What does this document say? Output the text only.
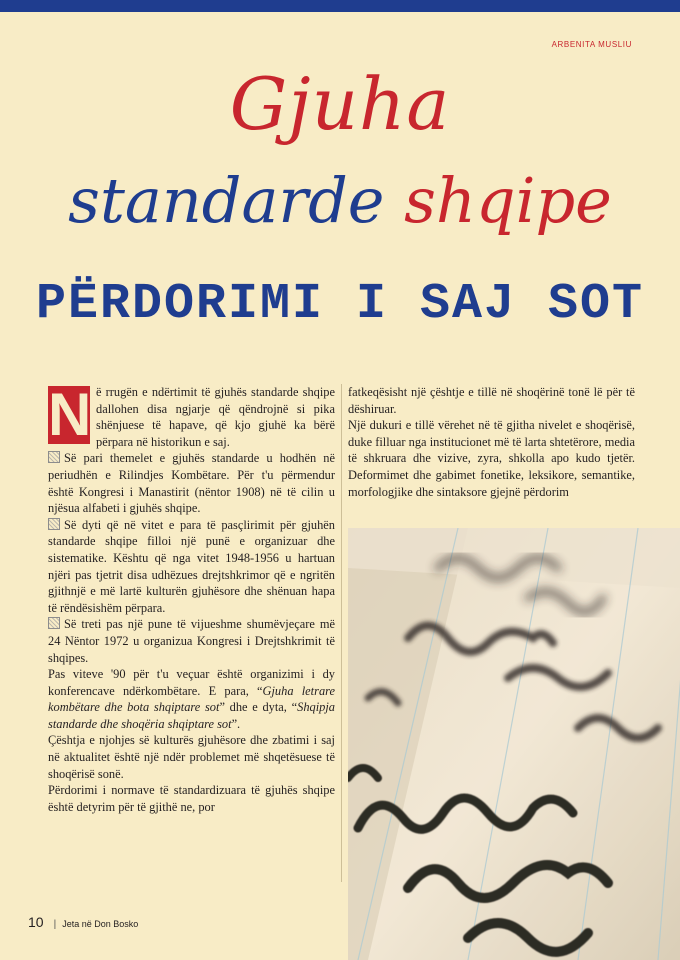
ARBENITA MUSLIU
Gjuha
standarde shqipe
PËRDORIMI I SAJ SOT

N ë rrugën e ndërtimit të gjuhës standarde shqipe dallohen disa ngjarje që qëndrojnë si pika shënjuese të hapave, që kjo gjuhë ka bërë përpara në historikun e saj.

Së pari themelet e gjuhës standarde u hodhën në periudhën e Rilindjes Kombëtare. Për t'u përmendur është Kongresi i Manastirit (nëntor 1908) në të cilin u njësua alfabeti i gjuhës shqipe.

Së dyti që në vitet e para të pasçlirimit për gjuhën standarde shqipe filloi një punë e organizuar dhe sistematike. Kështu që nga vitet 1948-1956 u hartuan njëri pas tjetrit disa udhëzues drejtshkrimor që e ngritën gjithnjë e më lartë kulturën gjuhësore dhe shënuan hapa të rëndësishëm përpara.

Së treti pas një pune të vijueshme shumëvjeçare më 24 Nëntor 1972 u organizua Kongresi i Drejtshkrimit të shqipes.

Pas viteve '90 për t'u veçuar është organizimi i dy konferencave ndërkombëtare. E para, “Gjuha letrare kombëtare dhe bota shqiptare sot” dhe e dyta, “Shqipja standarde dhe shoqëria shqiptare sot”.

Çështja e njohjes së kulturës gjuhësore dhe zbatimi i saj në aktualitet është një ndër problemet më shqetësuese të shoqërisë sonë.

Përdorimi i normave të standardizuara të gjuhës shqipe është detyrim për të gjithë ne, por

fatkeqësisht një çështje e tillë në shoqërinë tonë lë për të dëshiruar.

Një dukuri e tillë vërehet në të gjitha nivelet e shoqërisë, duke filluar nga institucionet më të larta shtetërore, media të shkruara dhe vizive, zyra, shkolla apo kudo tjetër. Deformimet dhe gabimet fonetike, leksikore, semantike, morfologjike dhe sintaksore gjejnë përdorim

10 | Jeta në Don Bosko
